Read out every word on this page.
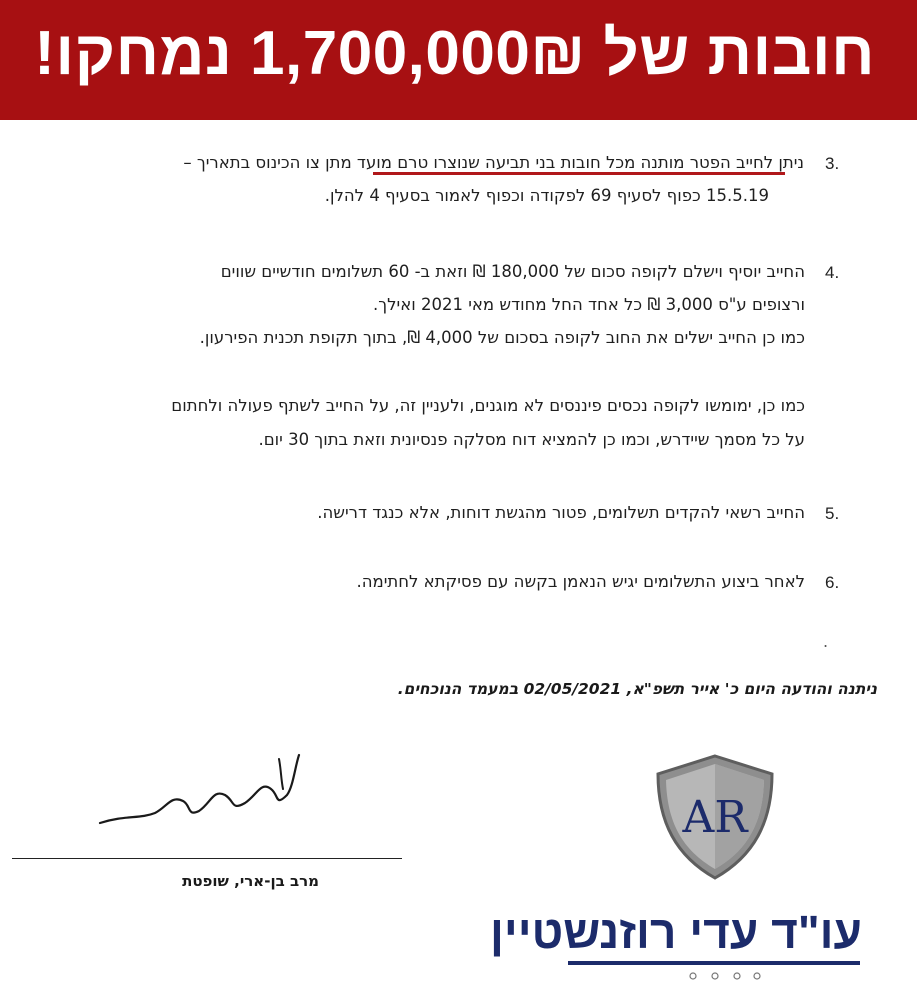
חובות של 1,700,000₪ נמחקו!
3.
ניתן לחייב הפטר מותנה מכל חובות בני תביעה שנוצרו טרם מועד מתן צו הכינוס בתאריך –
15.5.19 כפוף לסעיף 69 לפקודה וכפוף לאמור בסעיף 4 להלן.
4.
החייב יוסיף וישלם לקופה סכום של 180,000 ₪ וזאת ב- 60 תשלומים חודשיים שווים
ורצופים ע"ס 3,000 ₪ כל אחד החל מחודש מאי 2021 ואילך.
כמו כן החייב ישלים את החוב לקופה בסכום של 4,000 ₪, בתוך תקופת תכנית הפירעון.
כמו כן, ימומשו לקופה נכסים פיננסים לא מוגנים, ולעניין זה, על החייב לשתף פעולה ולחתום
על כל מסמך שיידרש, וכמו כן להמציא דוח מסלקה פנסיונית וזאת בתוך 30 יום.
5.
החייב רשאי להקדים תשלומים, פטור מהגשת דוחות, אלא כנגד דרישה.
6.
לאחר ביצוע התשלומים יגיש הנאמן בקשה עם פסיקתא לחתימה.
.
ניתנה והודעה היום כ' אייר תשפ"א, 02/05/2021 במעמד הנוכחים.
מרב בן-ארי, שופטת
AR
עו"ד עדי רוזנשטיין
